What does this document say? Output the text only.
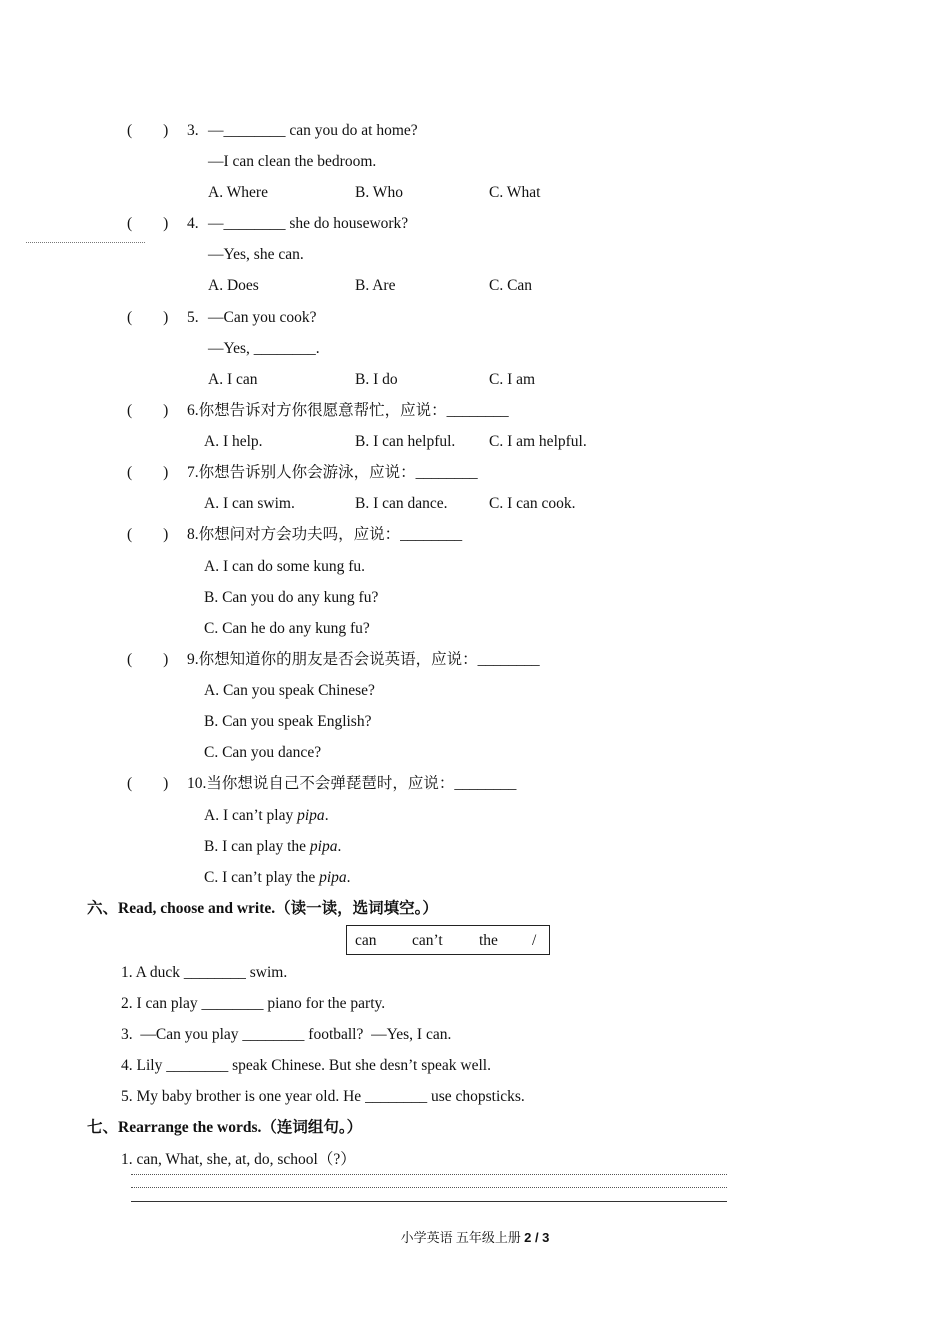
(　　) 3. —________ can you do at home?
—I can clean the bedroom.
A. Where	B. Who	C. What
(　　) 4. —________ she do housework?
—Yes, she can.
A. Does	B. Are	C. Can
(　　) 5. —Can you cook?
—Yes, ________.
A. I can	B. I do	C. I am
(　　) 6.你想告诉对方你很愿意帮忙，应说：________
A. I help.	B. I can helpful. C. I am helpful.
(　　) 7.你想告诉别人你会游泳，应说：________
A. I can swim.	B. I can dance.	C. I can cook.
(　　) 8.你想问对方会功夫吗，应说：________
A. I can do some kung fu.
B. Can you do any kung fu?
C. Can he do any kung fu?
(　　) 9.你想知道你的朋友是否会说英语，应说：________
A. Can you speak Chinese?
B. Can you speak English?
C. Can you dance?
(　　) 10.当你想说自己不会弹琵琶时，应说：________
A. I can’t play pipa.
B. I can play the pipa.
C. I can’t play the pipa.
六、Read, choose and write.（读一读，选词填空。）
can can’t the /
1. A duck ________ swim.
2. I can play ________ piano for the party.
3.  —Can you play ________ football?  —Yes, I can.
4. Lily ________ speak Chinese. But she desn’t speak well.
5. My baby brother is one year old. He ________ use chopsticks.
七、Rearrange the words.（连词组句。）
1. can, What, she, at, do, school（?）
小学英语 五年级上册 2 / 3
